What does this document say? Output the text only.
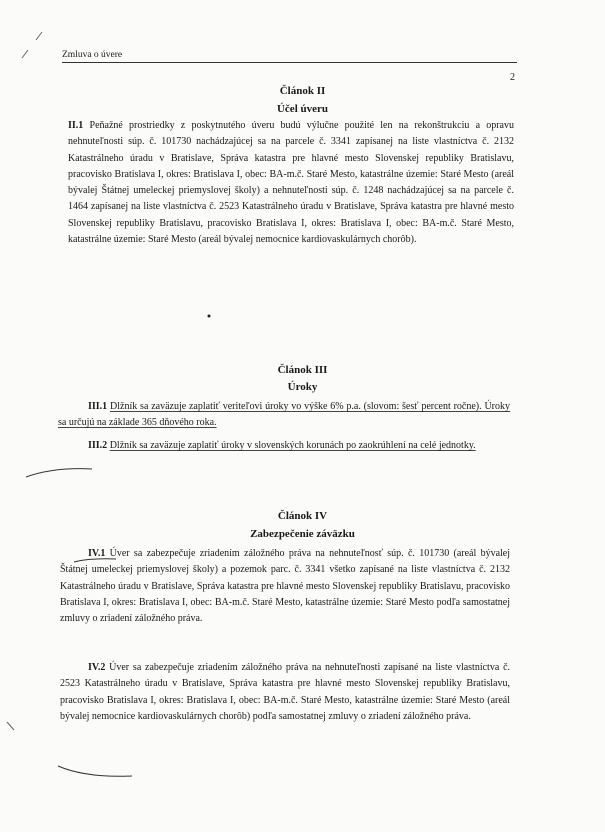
Zmluva o úvere
2
Článok II
Účel úveru

II.1 Peňažné prostriedky z poskytnutého úveru budú výlučne použité len na rekonštrukciu a opravu nehnuteľnosti súp. č. 101730 nachádzajúcej sa na parcele č. 3341 zapísanej na liste vlastníctva č. 2132 Katastrálneho úradu v Bratislave, Správa katastra pre hlavné mesto Slovenskej republiky Bratislavu, pracovisko Bratislava I, okres: Bratislava I, obec: BA-m.č. Staré Mesto, katastrálne územie: Staré Mesto (areál bývalej Štátnej umeleckej priemyslovej školy) a nehnuteľnosti súp. č. 1248 nachádzajúcej sa na parcele č. 1464 zapísanej na liste vlastníctva č. 2523 Katastrálneho úradu v Bratislave, Správa katastra pre hlavné mesto Slovenskej republiky Bratislavu, pracovisko Bratislava I, okres: Bratislava I, obec: BA-m.č. Staré Mesto, katastrálne územie: Staré Mesto (areál bývalej nemocnice kardiovaskulárnych chorôb).

Článok III
Úroky

III.1 Dlžník sa zaväzuje zaplatiť veriteľovi úroky vo výške 6% p.a. (slovom: šesť percent ročne). Úroky sa určujú na základe 365 dňového roka.

III.2 Dlžník sa zaväzuje zaplatiť úroky v slovenských korunách po zaokrúhlení na celé jednotky.

Článok IV
Zabezpečenie záväzku

IV.1 Úver sa zabezpečuje zriadením záložného práva na nehnuteľnosť súp. č. 101730 (areál bývalej Štátnej umeleckej priemyslovej školy) a pozemok parc. č. 3341 všetko zapísané na liste vlastníctva č. 2132 Katastrálneho úradu v Bratislave, Správa katastra pre hlavné mesto Slovenskej republiky Bratislavu, pracovisko Bratislava I, okres: Bratislava I, obec: BA-m.č. Staré Mesto, katastrálne územie: Staré Mesto podľa samostatnej zmluvy o zriadení záložného práva.

IV.2 Úver sa zabezpečuje zriadením záložného práva na nehnuteľnosti zapísané na liste vlastníctva č. 2523 Katastrálneho úradu v Bratislave, Správa katastra pre hlavné mesto Slovenskej republiky Bratislavu, pracovisko Bratislava I, okres: Bratislava I, obec: BA-m.č. Staré Mesto, katastrálne územie: Staré Mesto (areál bývalej nemocnice kardiovaskulárnych chorôb) podľa samostatnej zmluvy o zriadení záložného práva.
